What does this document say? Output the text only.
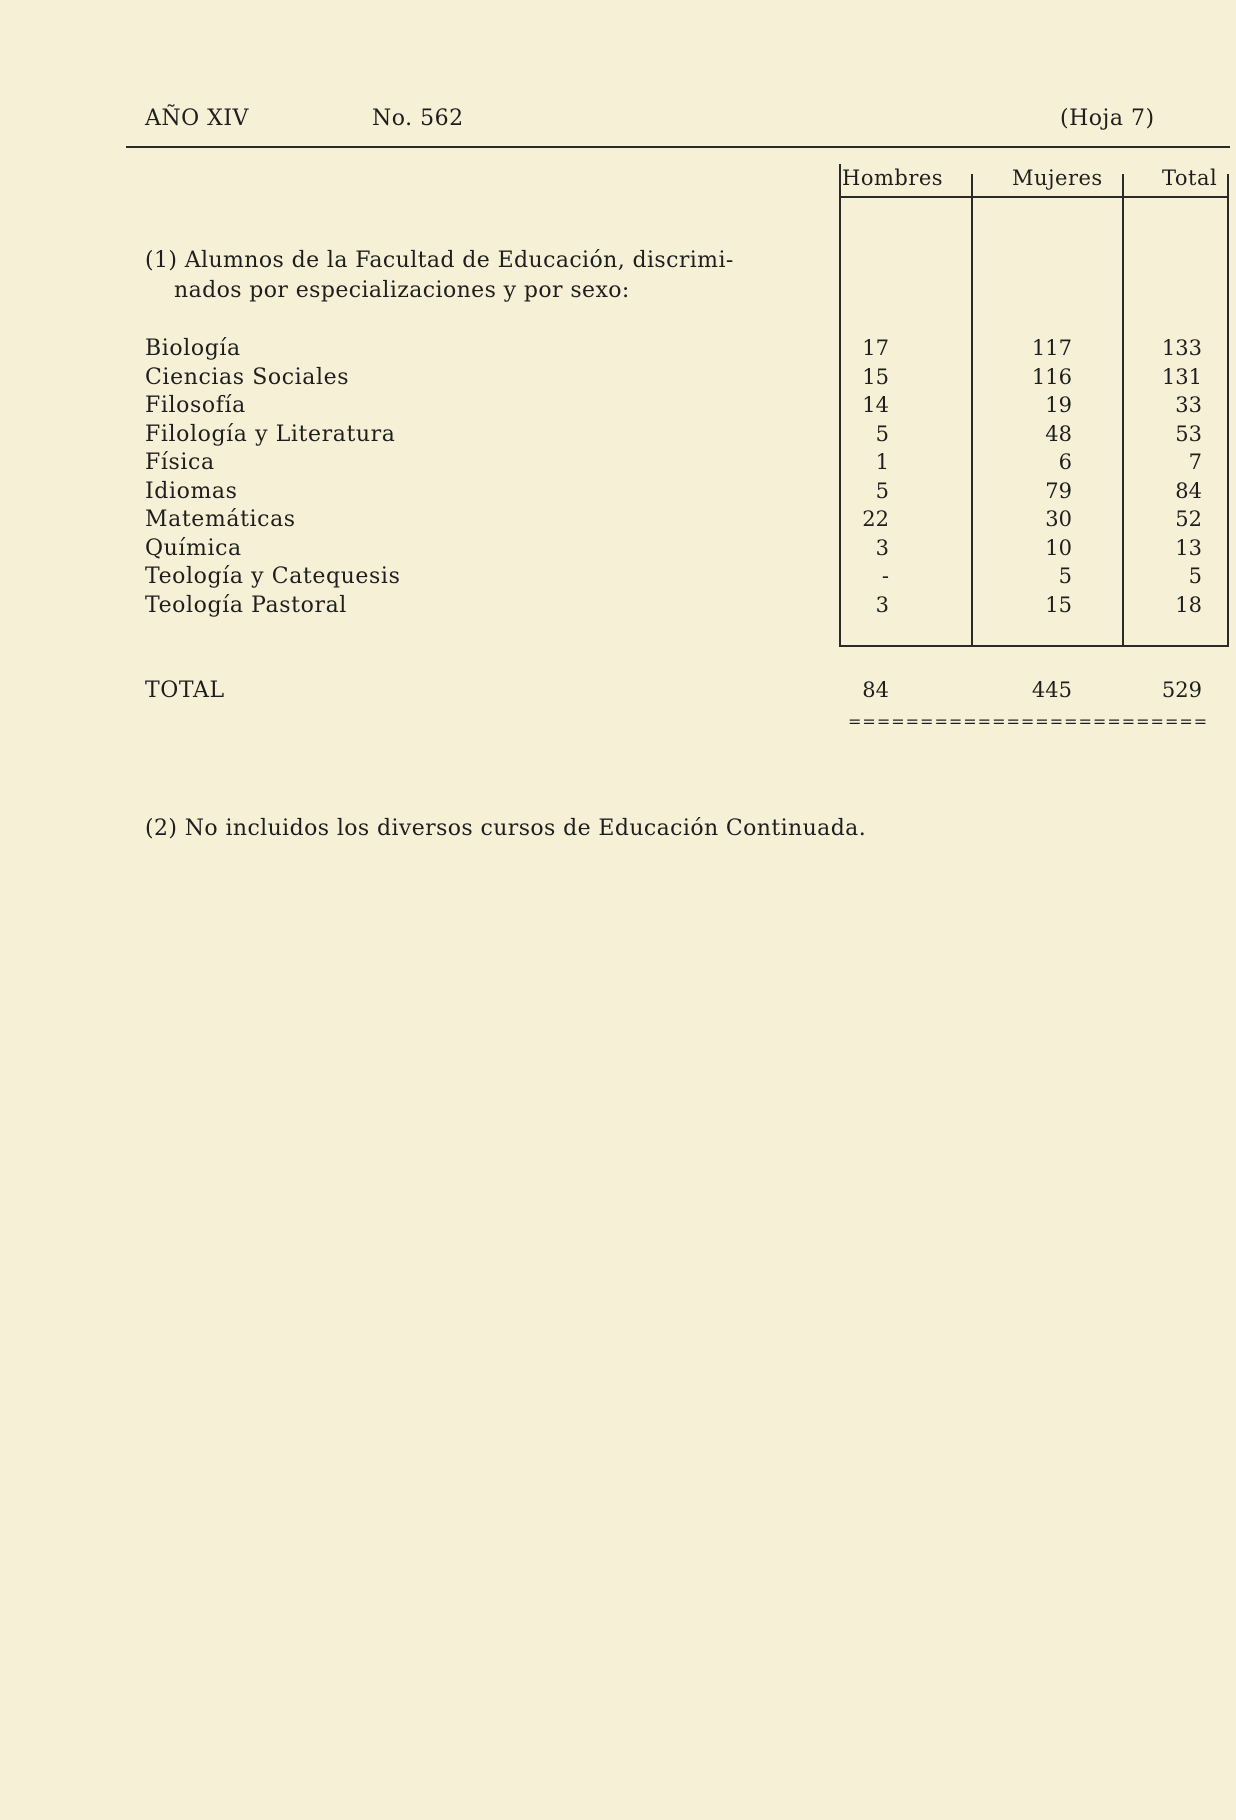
AÑO XIV	No. 562	(Hoja 7)
Hombres	Mujeres	Total
(1) Alumnos de la Facultad de Educación, discrimi-
nados por especializaciones y por sexo:
Biología	17	117	133
Ciencias Sociales	15	116	131
Filosofía	14	19	33
Filología y Literatura	5	48	53
Física	1	6	7
Idiomas	5	79	84
Matemáticas	22	30	52
Química	3	10	13
Teología y Catequesis	-	5	5
Teología Pastoral	3	15	18
TOTAL	84	445	529
=========================
(2) No incluidos los diversos cursos de Educación Continuada.
